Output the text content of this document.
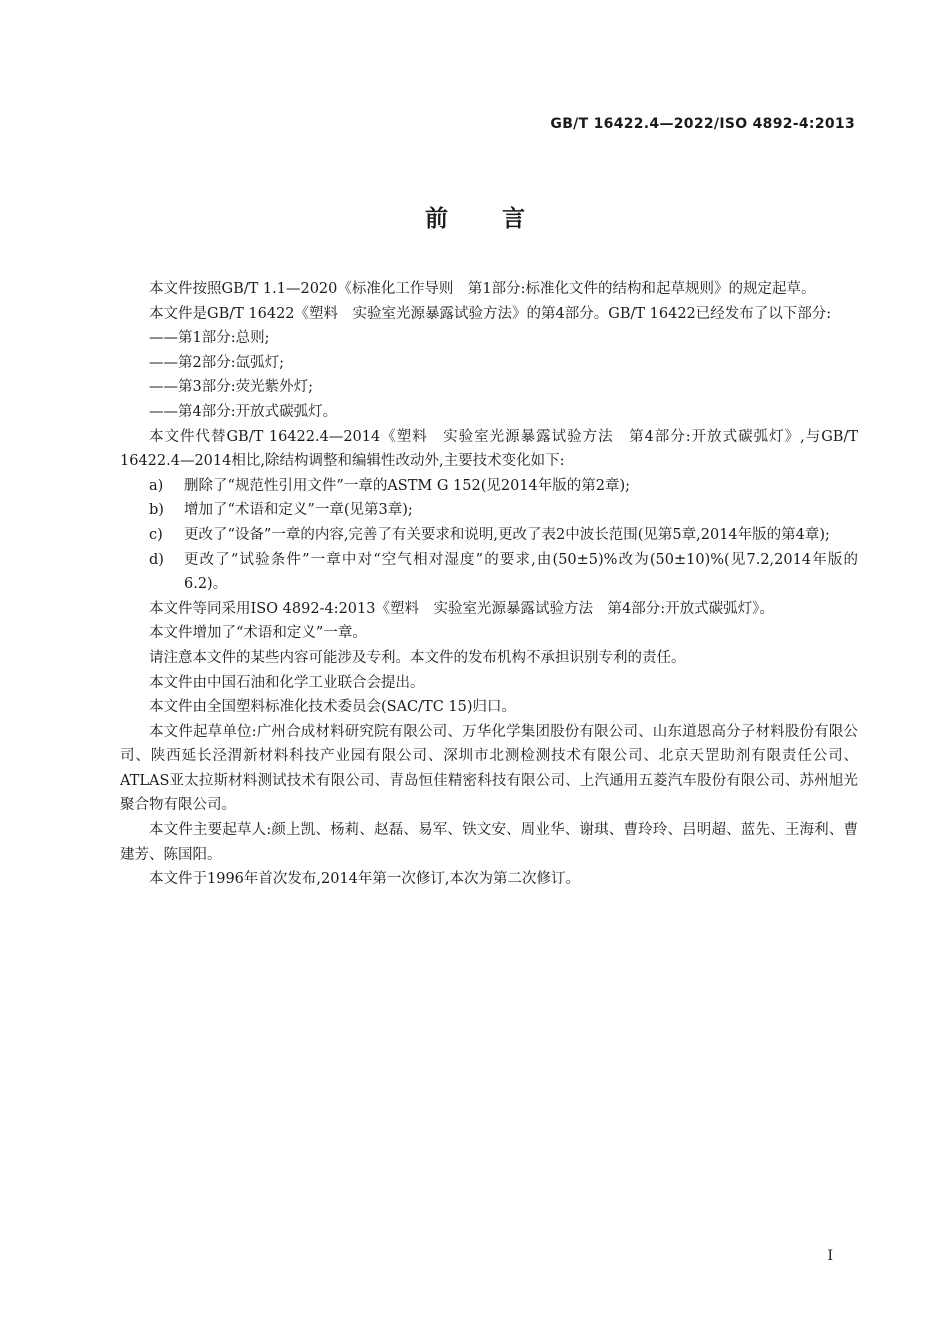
GB/T 16422.4—2022/ISO 4892-4:2013
前言

本文件按照GB/T 1.1—2020《标准化工作导则　第1部分:标准化文件的结构和起草规则》的规定起草。

本文件是GB/T 16422《塑料　实验室光源暴露试验方法》的第4部分。GB/T 16422已经发布了以下部分:

——第1部分:总则;

——第2部分:氙弧灯;

——第3部分:荧光紫外灯;

——第4部分:开放式碳弧灯。

本文件代替GB/T 16422.4—2014《塑料　实验室光源暴露试验方法　第4部分:开放式碳弧灯》,与GB/T 16422.4—2014相比,除结构调整和编辑性改动外,主要技术变化如下:

a) 删除了“规范性引用文件”一章的ASTM G 152(见2014年版的第2章);

b) 增加了“术语和定义”一章(见第3章);

c) 更改了“设备”一章的内容,完善了有关要求和说明,更改了表2中波长范围(见第5章,2014年版的第4章);

d) 更改了“试验条件”一章中对“空气相对湿度”的要求,由(50±5)%改为(50±10)%(见7.2,2014年版的6.2)。

本文件等同采用ISO 4892-4:2013《塑料　实验室光源暴露试验方法　第4部分:开放式碳弧灯》。

本文件增加了“术语和定义”一章。

请注意本文件的某些内容可能涉及专利。本文件的发布机构不承担识别专利的责任。

本文件由中国石油和化学工业联合会提出。

本文件由全国塑料标准化技术委员会(SAC/TC 15)归口。

本文件起草单位:广州合成材料研究院有限公司、万华化学集团股份有限公司、山东道恩高分子材料股份有限公司、陕西延长泾渭新材料科技产业园有限公司、深圳市北测检测技术有限公司、北京天罡助剂有限责任公司、ATLAS亚太拉斯材料测试技术有限公司、青岛恒佳精密科技有限公司、上汽通用五菱汽车股份有限公司、苏州旭光聚合物有限公司。

本文件主要起草人:颜上凯、杨莉、赵磊、易军、铁文安、周业华、谢琪、曹玲玲、吕明超、蓝先、王海利、曹建芳、陈国阳。

本文件于1996年首次发布,2014年第一次修订,本次为第二次修订。

I
